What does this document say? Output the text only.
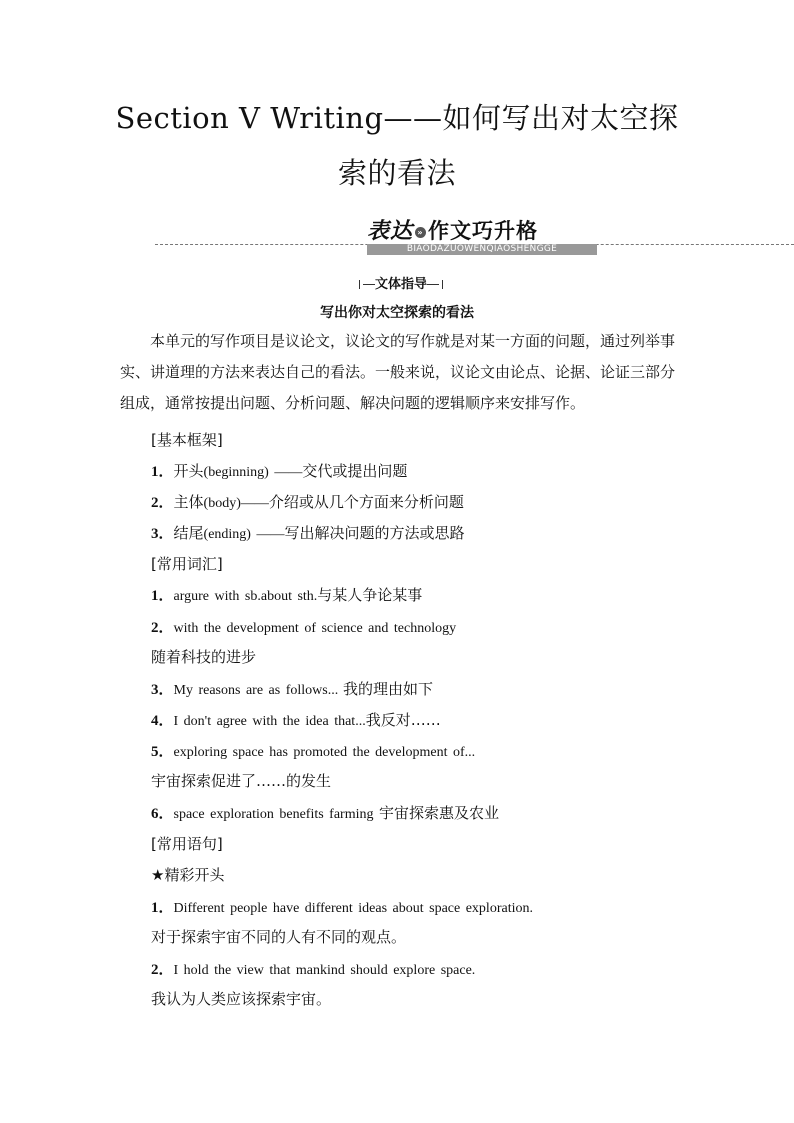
Section Ⅴ Writing——如何写出对太空探
索的看法
表达 » 作文巧升格
BIAODAZUOWENQIAOSHENGGE
文体指导
写出你对太空探索的看法
本单元的写作项目是议论文，议论文的写作就是对某一方面的问题，通过列举事实、讲道理的方法来表达自己的看法。一般来说，议论文由论点、论据、论证三部分组成，通常按提出问题、分析问题、解决问题的逻辑顺序来安排写作。
[基本框架]
1．开头(beginning) ——交代或提出问题
2．主体(body)——介绍或从几个方面来分析问题
3．结尾(ending) ——写出解决问题的方法或思路
[常用词汇]
1．argure with sb.about sth.与某人争论某事
2．with the development of science and technology
随着科技的进步
3．My reasons are as follows... 我的理由如下
4．I don't agree with the idea that...我反对……
5．exploring space has promoted the development of...
宇宙探索促进了……的发生
6．space exploration benefits farming 宇宙探索惠及农业
[常用语句]
★精彩开头
1．Different people have different ideas about space exploration.
对于探索宇宙不同的人有不同的观点。
2．I hold the view that mankind should explore space.
我认为人类应该探索宇宙。
